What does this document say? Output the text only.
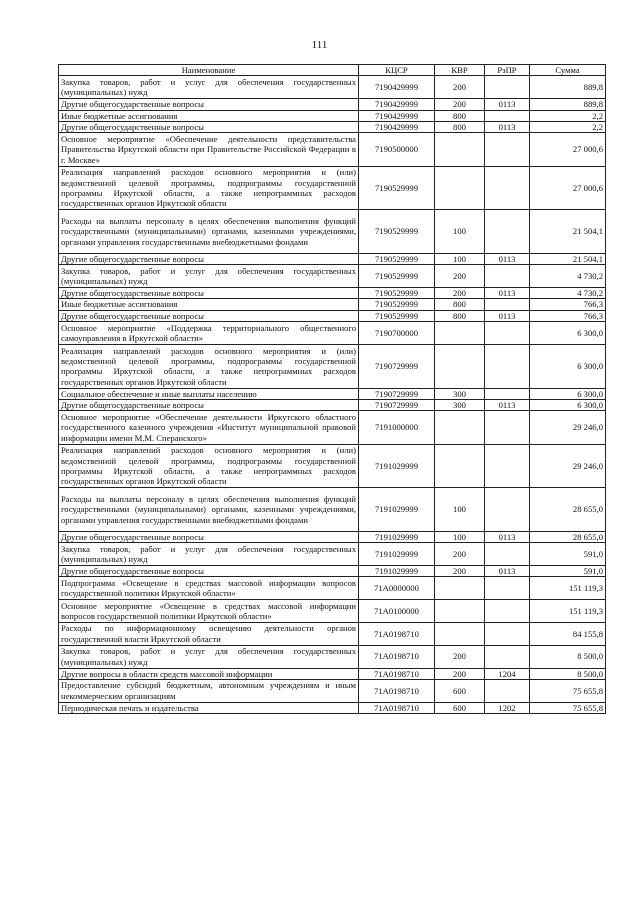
111
Наименование	КЦСР	КВР	РзПР	Сумма
Закупка товаров, работ и услуг для обеспечения государственных (муниципальных) нужд	7190429999	200		889,8
Другие общегосударственные вопросы	7190429999	200	0113	889,8
Иные бюджетные ассигнования	7190429999	800		2,2
Другие общегосударственные вопросы	7190429999	800	0113	2,2
Основное мероприятие «Обеспечение деятельности представительства Правительства Иркутской области при Правительстве Российской Федерации в г. Москве»	7190500000			27 000,6
Реализация направлений расходов основного мероприятия и (или) ведомственной целевой программы, подпрограммы государственной программы Иркутской области, а также непрограммных расходов государственных органов Иркутской области	7190529999			27 000,6
Расходы на выплаты персоналу в целях обеспечения выполнения функций государственными (муниципальными) органами, казенными учреждениями, органами управления государственными внебюджетными фондами	7190529999	100		21 504,1
Другие общегосударственные вопросы	7190529999	100	0113	21 504,1
Закупка товаров, работ и услуг для обеспечения государственных (муниципальных) нужд	7190529999	200		4 730,2
Другие общегосударственные вопросы	7190529999	200	0113	4 730,2
Иные бюджетные ассигнования	7190529999	800		766,3
Другие общегосударственные вопросы	7190529999	800	0113	766,3
Основное мероприятие «Поддержка территориального общественного самоуправления в Иркутской области»	7190700000			6 300,0
Реализация направлений расходов основного мероприятия и (или) ведомственной целевой программы, подпрограммы государственной программы Иркутской области, а также непрограммных расходов государственных органов Иркутской области	7190729999			6 300,0
Социальное обеспечение и иные выплаты населению	7190729999	300		6 300,0
Другие общегосударственные вопросы	7190729999	300	0113	6 300,0
Основное мероприятие «Обеспечение деятельности Иркутского областного государственного казенного учреждения «Институт муниципальной правовой информации имени М.М. Сперанского»	7191000000			29 246,0
Реализация направлений расходов основного мероприятия и (или) ведомственной целевой программы, подпрограммы государственной программы Иркутской области, а также непрограммных расходов государственных органов Иркутской области	7191029999			29 246,0
Расходы на выплаты персоналу в целях обеспечения выполнения функций государственными (муниципальными) органами, казенными учреждениями, органами управления государственными внебюджетными фондами	7191029999	100		28 655,0
Другие общегосударственные вопросы	7191029999	100	0113	28 655,0
Закупка товаров, работ и услуг для обеспечения государственных (муниципальных) нужд	7191029999	200		591,0
Другие общегосударственные вопросы	7191029999	200	0113	591,0
Подпрограмма «Освещение в средствах массовой информации вопросов государственной политики Иркутской области»	71А0000000			151 119,3
Основное мероприятие «Освещение в средствах массовой информации вопросов государственной политики Иркутской области»	71А0100000			151 119,3
Расходы по информационному освещению деятельности органов государственной власти Иркутской области	71А0198710			84 155,8
Закупка товаров, работ и услуг для обеспечения государственных (муниципальных) нужд	71А0198710	200		8 500,0
Другие вопросы в области средств массовой информации	71А0198710	200	1204	8 500,0
Предоставление субсидий бюджетным, автономным учреждениям и иным некоммерческим организациям	71А0198710	600		75 655,8
Периодическая печать и издательства	71А0198710	600	1202	75 655,8
